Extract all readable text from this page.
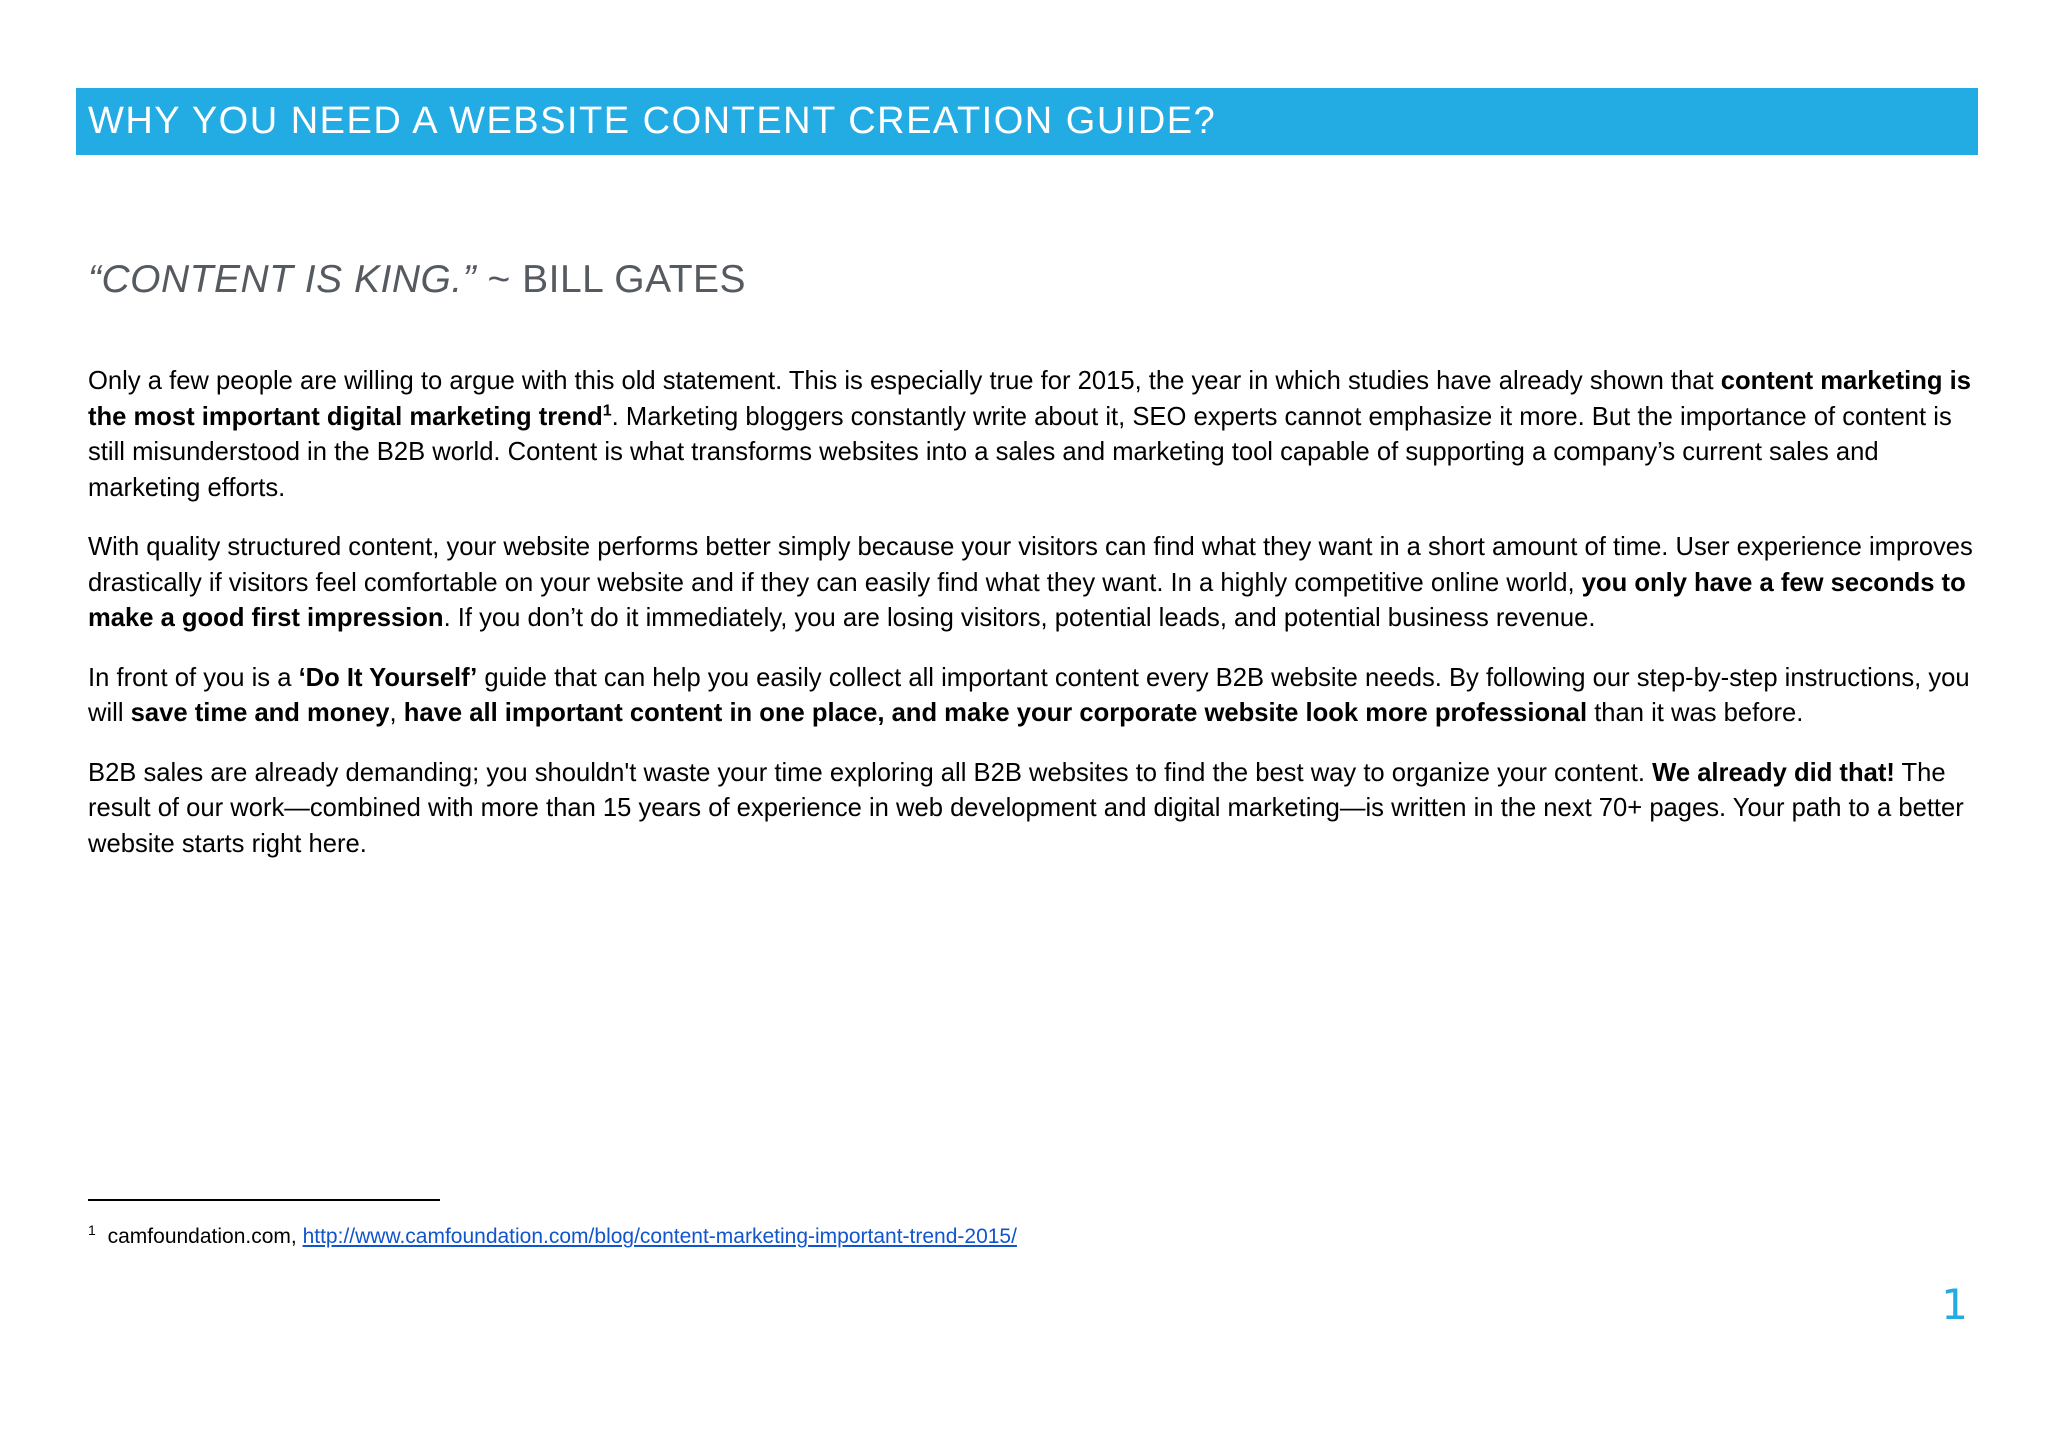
WHY YOU NEED A WEBSITE CONTENT CREATION GUIDE?
“CONTENT IS KING.” ~ BILL GATES

Only a few people are willing to argue with this old statement. This is especially true for 2015, the year in which studies have already shown that content marketing is the most important digital marketing trend$^1$. Marketing bloggers constantly write about it, SEO experts cannot emphasize it more. But the importance of content is still misunderstood in the B2B world. Content is what transforms websites into a sales and marketing tool capable of supporting a company’s current sales and marketing efforts.

With quality structured content, your website performs better simply because your visitors can find what they want in a short amount of time. User experience improves drastically if visitors feel comfortable on your website and if they can easily find what they want. In a highly competitive online world, you only have a few seconds to make a good first impression. If you don’t do it immediately, you are losing visitors, potential leads, and potential business revenue.

In front of you is a ‘Do It Yourself’ guide that can help you easily collect all important content every B2B website needs. By following our step-by-step instructions, you will save time and money, have all important content in one place, and make your corporate website look more professional than it was before.

B2B sales are already demanding; you shouldn't waste your time exploring all B2B websites to find the best way to organize your content. We already did that! The result of our work—combined with more than 15 years of experience in web development and digital marketing—is written in the next 70+ pages. Your path to a better website starts right here.

$^1$ camfoundation.com, http://www.camfoundation.com/blog/content-marketing-important-trend-2015/
1
